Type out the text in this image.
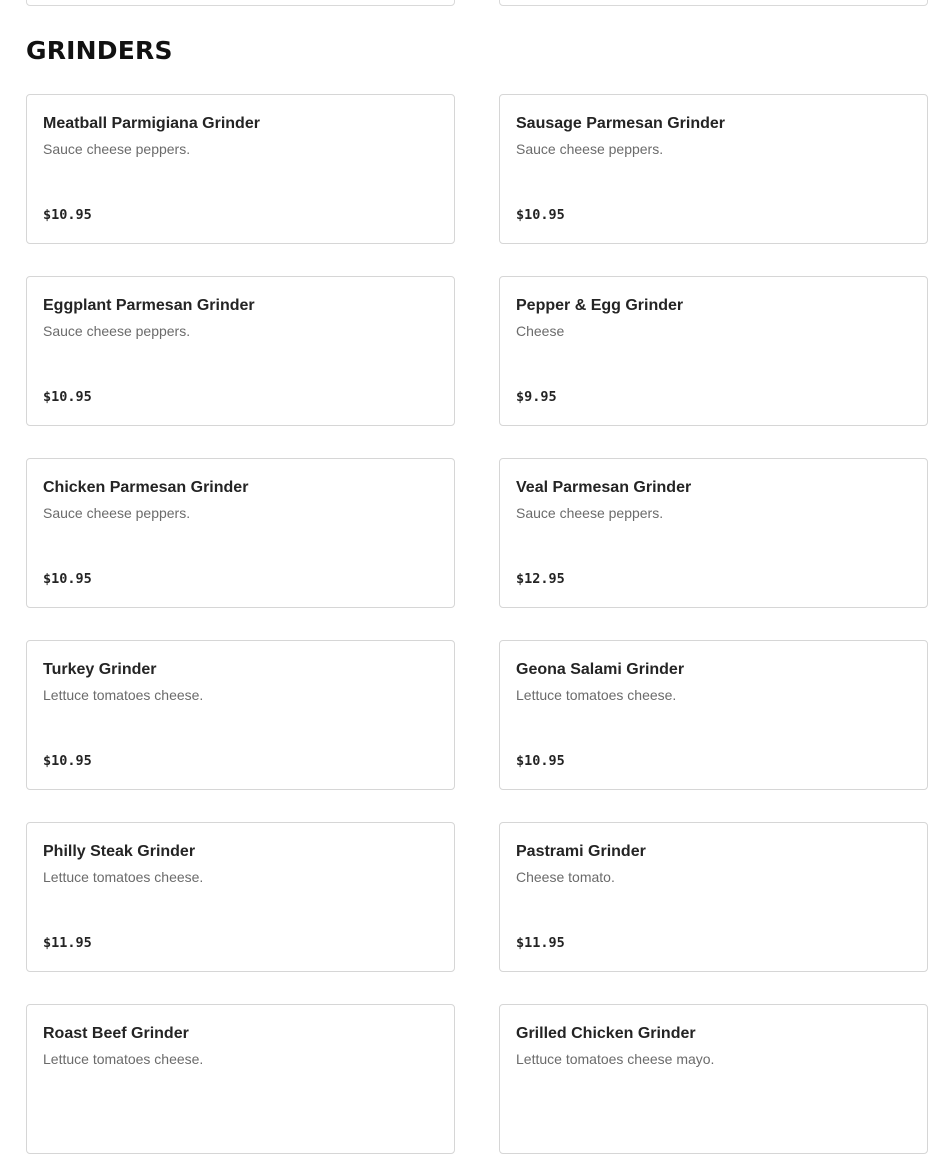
GRINDERS
Meatball Parmigiana Grinder
Sauce cheese peppers.
$10.95
Sausage Parmesan Grinder
Sauce cheese peppers.
$10.95
Eggplant Parmesan Grinder
Sauce cheese peppers.
$10.95
Pepper & Egg Grinder
Cheese
$9.95
Chicken Parmesan Grinder
Sauce cheese peppers.
$10.95
Veal Parmesan Grinder
Sauce cheese peppers.
$12.95
Turkey Grinder
Lettuce tomatoes cheese.
$10.95
Geona Salami Grinder
Lettuce tomatoes cheese.
$10.95
Philly Steak Grinder
Lettuce tomatoes cheese.
$11.95
Pastrami Grinder
Cheese tomato.
$11.95
Roast Beef Grinder
Lettuce tomatoes cheese.
Grilled Chicken Grinder
Lettuce tomatoes cheese mayo.
